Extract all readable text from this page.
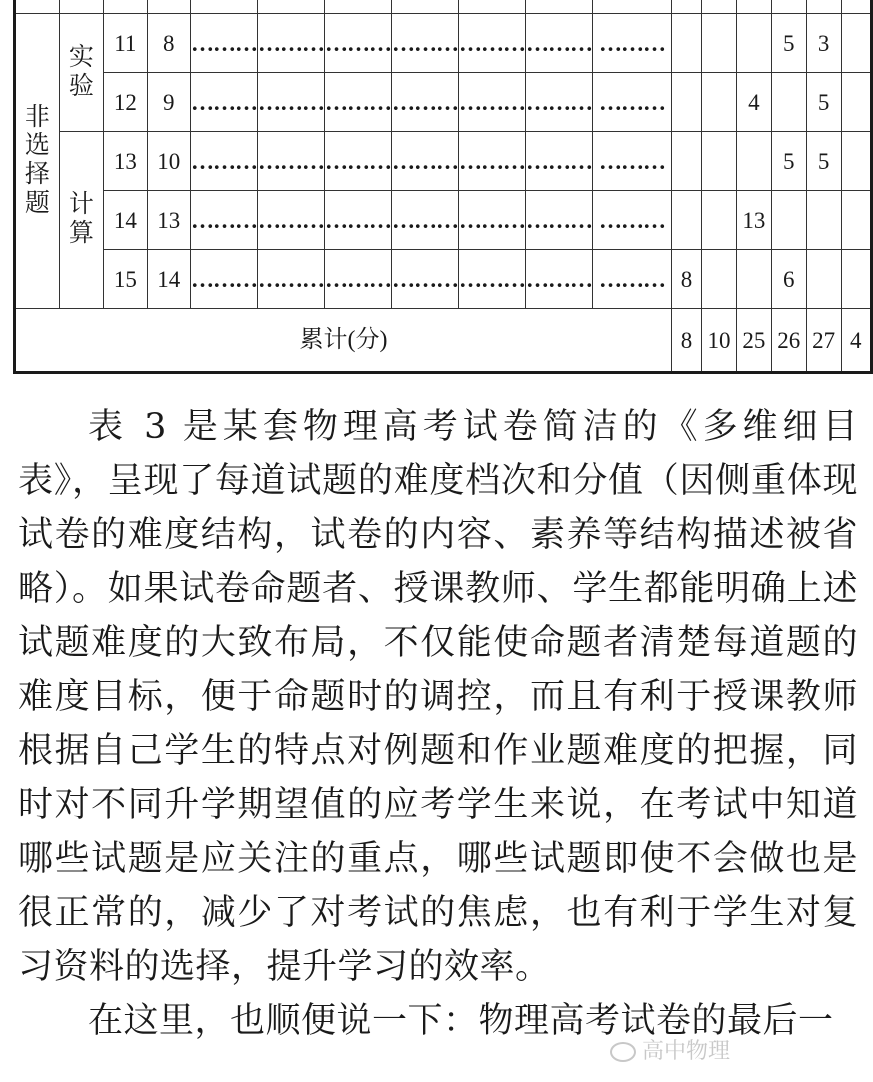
非选择题	实验	11	8	………	………	………	………	………	………	………				5	3	
		12	9	………	………	………	………	………	………	………			4		5	
	计算	13	10	………	………	………	………	………	………	………				5	5	
		14	13	………	………	………	………	………	………	………			13			
		15	14	………	………	………	………	………	………	………	8			6		
累计(分)											8	10	25	26	27	4

表 3 是某套物理高考试卷简洁的《多维细目表》，呈现了每道试题的难度档次和分值（因侧重体现试卷的难度结构，试卷的内容、素养等结构描述被省略）。如果试卷命题者、授课教师、学生都能明确上述试题难度的大致布局，不仅能使命题者清楚每道题的难度目标，便于命题时的调控，而且有利于授课教师根据自己学生的特点对例题和作业题难度的把握，同时对不同升学期望值的应考学生来说，在考试中知道哪些试题是应关注的重点，哪些试题即使不会做也是很正常的，减少了对考试的焦虑，也有利于学生对复习资料的选择，提升学习的效率。

在这里，也顺便说一下：物理高考试卷的最后一

高中物理
